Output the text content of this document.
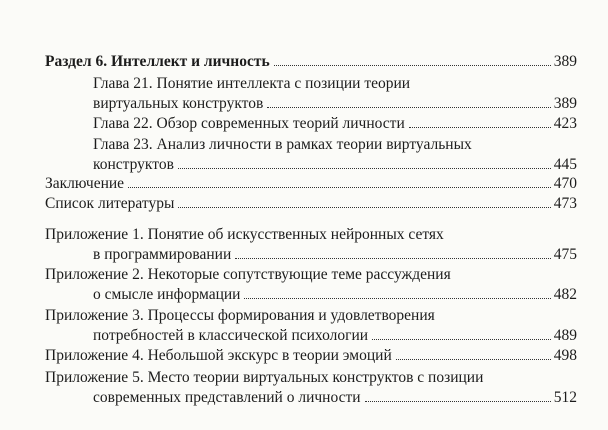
Раздел 6. Интеллект и личность	389
Глава 21. Понятие интеллекта с позиции теории
виртуальных конструктов	389
Глава 22. Обзор современных теорий личности	423
Глава 23. Анализ личности в рамках теории виртуальных
конструктов	445
Заключение	470
Список литературы	473
Приложение 1. Понятие об искусственных нейронных сетях
в программировании	475
Приложение 2. Некоторые сопутствующие теме рассуждения
о смысле информации	482
Приложение 3. Процессы формирования и удовлетворения
потребностей в классической психологии	489
Приложение 4. Небольшой экскурс в теории эмоций	498
Приложение 5. Место теории виртуальных конструктов с позиции
современных представлений о личности	512
